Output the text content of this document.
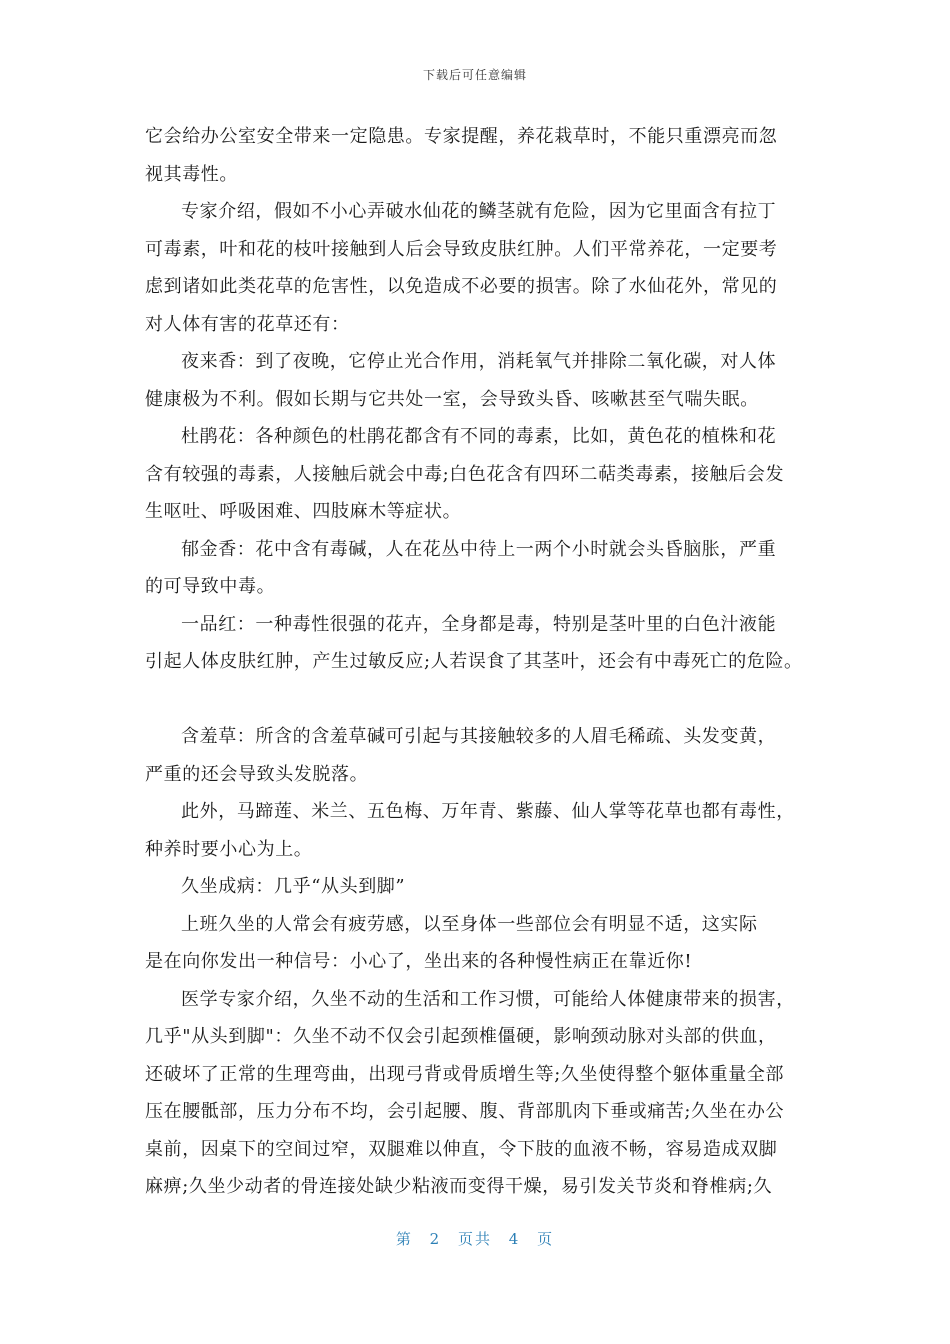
下载后可任意编辑
它会给办公室安全带来一定隐患。专家提醒，养花栽草时，不能只重漂亮而忽
视其毒性。
专家介绍，假如不小心弄破水仙花的鳞茎就有危险，因为它里面含有拉丁
可毒素，叶和花的枝叶接触到人后会导致皮肤红肿。人们平常养花，一定要考
虑到诸如此类花草的危害性，以免造成不必要的损害。除了水仙花外，常见的
对人体有害的花草还有：
夜来香：到了夜晚，它停止光合作用，消耗氧气并排除二氧化碳，对人体
健康极为不利。假如长期与它共处一室，会导致头昏、咳嗽甚至气喘失眠。
杜鹃花：各种颜色的杜鹃花都含有不同的毒素，比如，黄色花的植株和花
含有较强的毒素，人接触后就会中毒;白色花含有四环二萜类毒素，接触后会发
生呕吐、呼吸困难、四肢麻木等症状。
郁金香：花中含有毒碱，人在花丛中待上一两个小时就会头昏脑胀，严重
的可导致中毒。
一品红：一种毒性很强的花卉，全身都是毒，特别是茎叶里的白色汁液能
引起人体皮肤红肿，产生过敏反应;人若误食了其茎叶，还会有中毒死亡的危险。
含羞草：所含的含羞草碱可引起与其接触较多的人眉毛稀疏、头发变黄，
严重的还会导致头发脱落。
此外，马蹄莲、米兰、五色梅、万年青、紫藤、仙人掌等花草也都有毒性，
种养时要小心为上。
久坐成病：几乎“从头到脚”
上班久坐的人常会有疲劳感，以至身体一些部位会有明显不适，这实际
是在向你发出一种信号：小心了，坐出来的各种慢性病正在靠近你!
医学专家介绍，久坐不动的生活和工作习惯，可能给人体健康带来的损害，
几乎"从头到脚"：久坐不动不仅会引起颈椎僵硬，影响颈动脉对头部的供血，
还破坏了正常的生理弯曲，出现弓背或骨质增生等;久坐使得整个躯体重量全部
压在腰骶部，压力分布不均，会引起腰、腹、背部肌肉下垂或痛苦;久坐在办公
桌前，因桌下的空间过窄，双腿难以伸直，令下肢的血液不畅，容易造成双脚
麻痹;久坐少动者的骨连接处缺少粘液而变得干燥，易引发关节炎和脊椎病;久
第 2 页共 4 页
